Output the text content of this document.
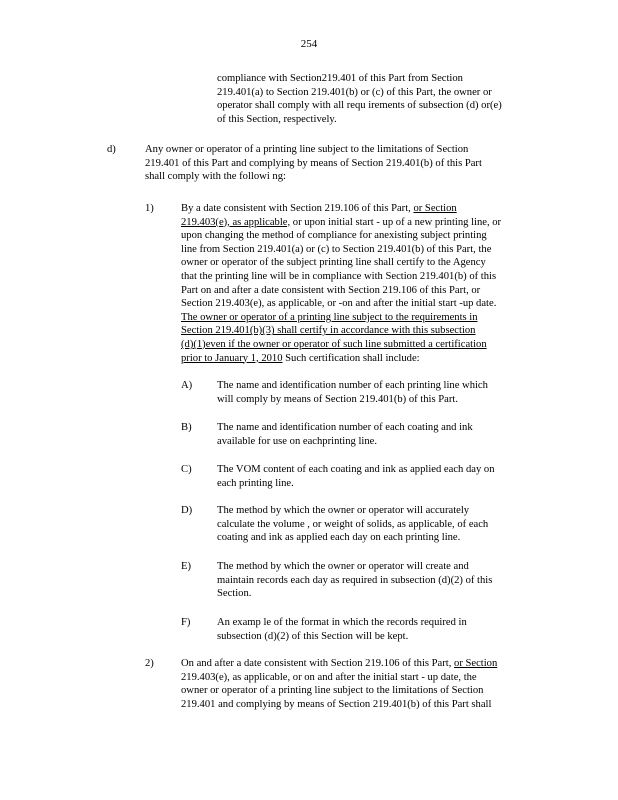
254
compliance with Section219.401 of this Part from Section
219.401(a) to Section 219.401(b) or (c) of this Part, the owner or
operator shall comply with all requ irements of subsection (d) or(e)
of this Section, respectively.
d)	Any owner or operator of a printing line subject to the limitations of Section
219.401 of this Part and complying by means of Section 219.401(b) of this Part
shall comply with the followi ng:
1)	By a date consistent with Section 219.106 of this Part, or Section
219.403(e), as applicable, or upon initial start - up of a new printing line, or
upon changing the method of compliance for anexisting subject printing
line from Section 219.401(a) or (c) to Section 219.401(b) of this Part, the
owner or operator of the subject printing line shall certify to the Agency
that the printing line will be in compliance with Section 219.401(b) of this
Part on and after a date consistent with Section 219.106 of this Part, or
Section 219.403(e), as applicable, or -on and after the initial start -up date.
The owner or operator of a printing line subject to the requirements in
Section 219.401(b)(3) shall certify in accordance with this subsection
(d)(1)even if the owner or operator of such line submitted a certification
prior to January 1, 2010 Such certification shall include:
A) The name and identification number of each printing line which
will comply by means of Section 219.401(b) of this Part.
B) The name and identification number of each coating and ink
available for use on eachprinting line.
C) The VOM content of each coating and ink as applied each day on
each printing line.
D) The method by which the owner or operator will accurately
calculate the volume , or weight of solids, as applicable, of each
coating and ink as applied each day on each printing line.
E) The method by which the owner or operator will create and
maintain records each day as required in subsection (d)(2) of this
Section.
F)	An examp le of the format in which the records required in
subsection (d)(2) of this Section will be kept.
2)	On and after a date consistent with Section 219.106 of this Part, or Section
219.403(e), as applicable, or on and after the initial start - up date, the
owner or operator of a printing line subject to the limitations of Section
219.401 and complying by means of Section 219.401(b) of this Part shall
